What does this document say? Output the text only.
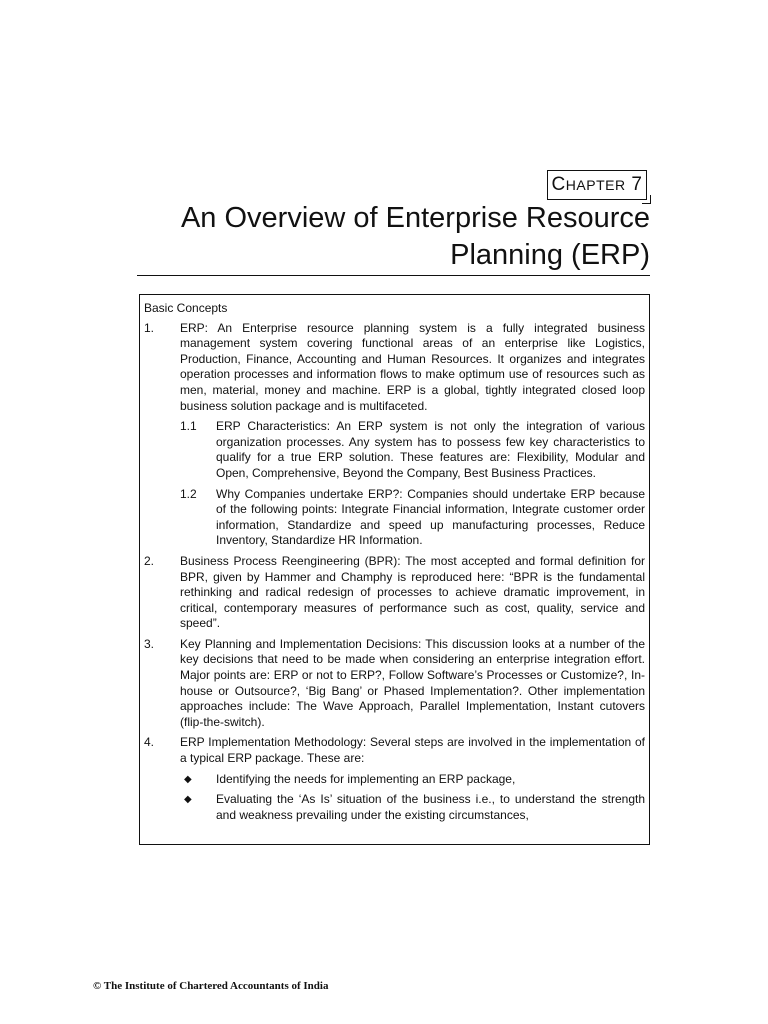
CHAPTER 7
An Overview of Enterprise Resource
Planning (ERP)
Basic Concepts
1.	ERP: An Enterprise resource planning system is a fully integrated business management system covering functional areas of an enterprise like Logistics, Production, Finance, Accounting and Human Resources. It organizes and integrates operation processes and information flows to make optimum use of resources such as men, material, money and machine. ERP is a global, tightly integrated closed loop business solution package and is multifaceted.
1.1	ERP Characteristics: An ERP system is not only the integration of various organization processes. Any system has to possess few key characteristics to qualify for a true ERP solution. These features are: Flexibility, Modular and Open, Comprehensive, Beyond the Company, Best Business Practices.
1.2	Why Companies undertake ERP?: Companies should undertake ERP because of the following points: Integrate Financial information, Integrate customer order information, Standardize and speed up manufacturing processes, Reduce Inventory, Standardize HR Information.
2.	Business Process Reengineering (BPR): The most accepted and formal definition for BPR, given by Hammer and Champhy is reproduced here: “BPR is the fundamental rethinking and radical redesign of processes to achieve dramatic improvement, in critical, contemporary measures of performance such as cost, quality, service and speed”.
3.	Key Planning and Implementation Decisions: This discussion looks at a number of the key decisions that need to be made when considering an enterprise integration effort. Major points are: ERP or not to ERP?, Follow Software’s Processes or Customize?, In-house or Outsource?, ‘Big Bang’ or Phased Implementation?. Other implementation approaches include: The Wave Approach, Parallel Implementation, Instant cutovers (flip-the-switch).
4.	ERP Implementation Methodology: Several steps are involved in the implementation of a typical ERP package. These are:
◆	Identifying the needs for implementing an ERP package,
◆	Evaluating the ‘As Is’ situation of the business i.e., to understand the strength and weakness prevailing under the existing circumstances,
© The Institute of Chartered Accountants of India
